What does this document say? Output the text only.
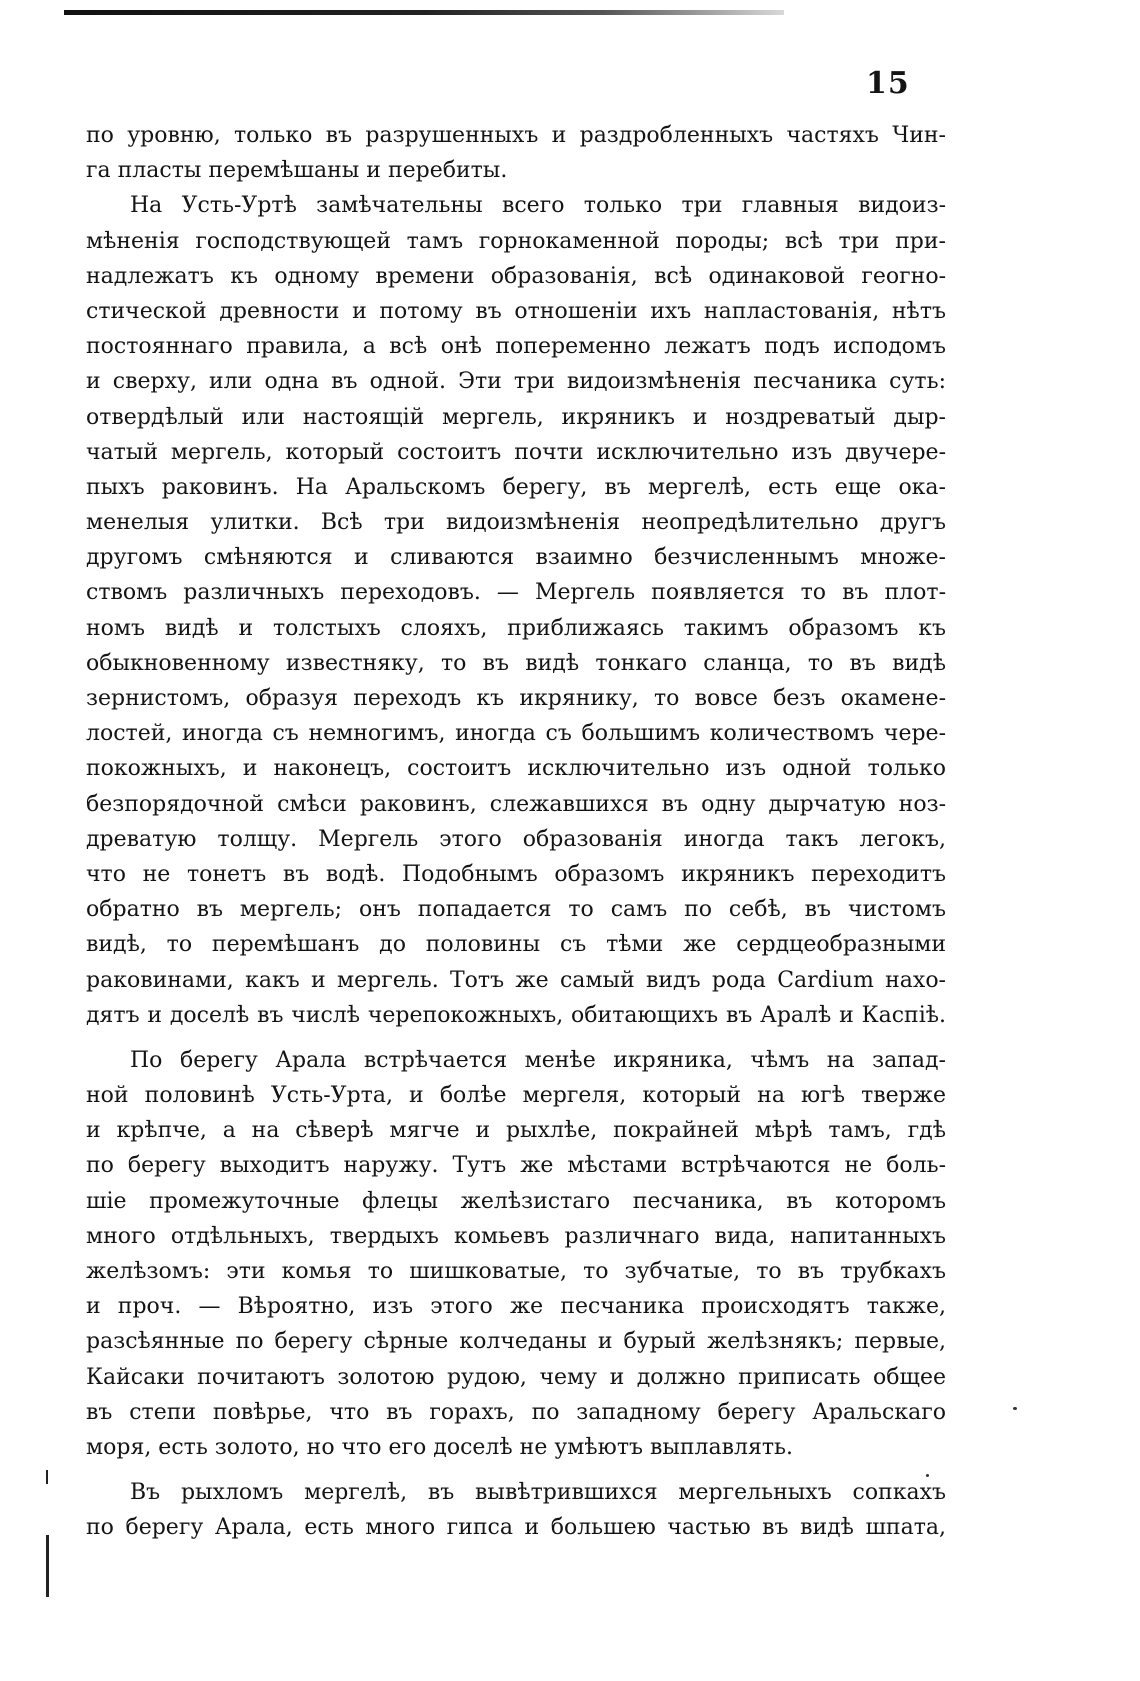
15
по уровню, только въ разрушенныхъ и раздробленныхъ частяхъ Чин-
га пласты перемѣшаны и перебиты.
На Усть-Уртѣ замѣчательны всего только три главныя видоиз-
мѣненія господствующей тамъ горнокаменной породы; всѣ три при-
надлежатъ къ одному времени образованія, всѣ одинаковой геогно-
стической древности и потому въ отношеніи ихъ напластованія, нѣтъ
постояннаго правила, а всѣ онѣ попеременно лежатъ подъ исподомъ
и сверху, или одна въ одной. Эти три видоизмѣненія песчаника суть:
отвердѣлый или настоящій мергель, икряникъ и ноздреватый дыр-
чатый мергель, который состоитъ почти исключительно изъ двучере-
пыхъ раковинъ. На Аральскомъ берегу, въ мергелѣ, есть еще ока-
менелыя улитки. Всѣ три видоизмѣненія неопредѣлительно другъ
другомъ смѣняются и сливаются взаимно безчисленнымъ множе-
ствомъ различныхъ переходовъ. — Мергель появляется то въ плот-
номъ видѣ и толстыхъ слояхъ, приближаясь такимъ образомъ къ
обыкновенному известняку, то въ видѣ тонкаго сланца, то въ видѣ
зернистомъ, образуя переходъ къ икрянику, то вовсе безъ окамене-
лостей, иногда съ немногимъ, иногда съ большимъ количествомъ чере-
покожныхъ, и наконецъ, состоитъ исключительно изъ одной только
безпорядочной смѣси раковинъ, слежавшихся въ одну дырчатую ноз-
древатую толщу. Мергель этого образованія иногда такъ легокъ,
что не тонетъ въ водѣ. Подобнымъ образомъ икряникъ переходитъ
обратно въ мергель; онъ попадается то самъ по себѣ, въ чистомъ
видѣ, то перемѣшанъ до половины съ тѣми же сердцеобразными
раковинами, какъ и мергель. Тотъ же самый видъ рода Cardium нахо-
дятъ и доселѣ въ числѣ черепокожныхъ, обитающихъ въ Аралѣ и Каспіѣ.
По берегу Арала встрѣчается менѣе икряника, чѣмъ на запад-
ной половинѣ Усть-Урта, и болѣе мергеля, который на югѣ тверже
и крѣпче, а на сѣверѣ мягче и рыхлѣе, покрайней мѣрѣ тамъ, гдѣ
по берегу выходитъ наружу. Тутъ же мѣстами встрѣчаются не боль-
шіе промежуточные флецы желѣзистаго песчаника, въ которомъ
много отдѣльныхъ, твердыхъ комьевъ различнаго вида, напитанныхъ
желѣзомъ: эти комья то шишковатые, то зубчатые, то въ трубкахъ
и проч. — Вѣроятно, изъ этого же песчаника происходятъ также,
разсѣянные по берегу сѣрные колчеданы и бурый желѣзнякъ; первые,
Кайсаки почитаютъ золотою рудою, чему и должно приписать общее
въ степи повѣрье, что въ горахъ, по западному берегу Аральскаго
моря, есть золото, но что его доселѣ не умѣютъ выплавлять.
Въ рыхломъ мергелѣ, въ вывѣтрившихся мергельныхъ сопкахъ
по берегу Арала, есть много гипса и большею частью въ видѣ шпата,
